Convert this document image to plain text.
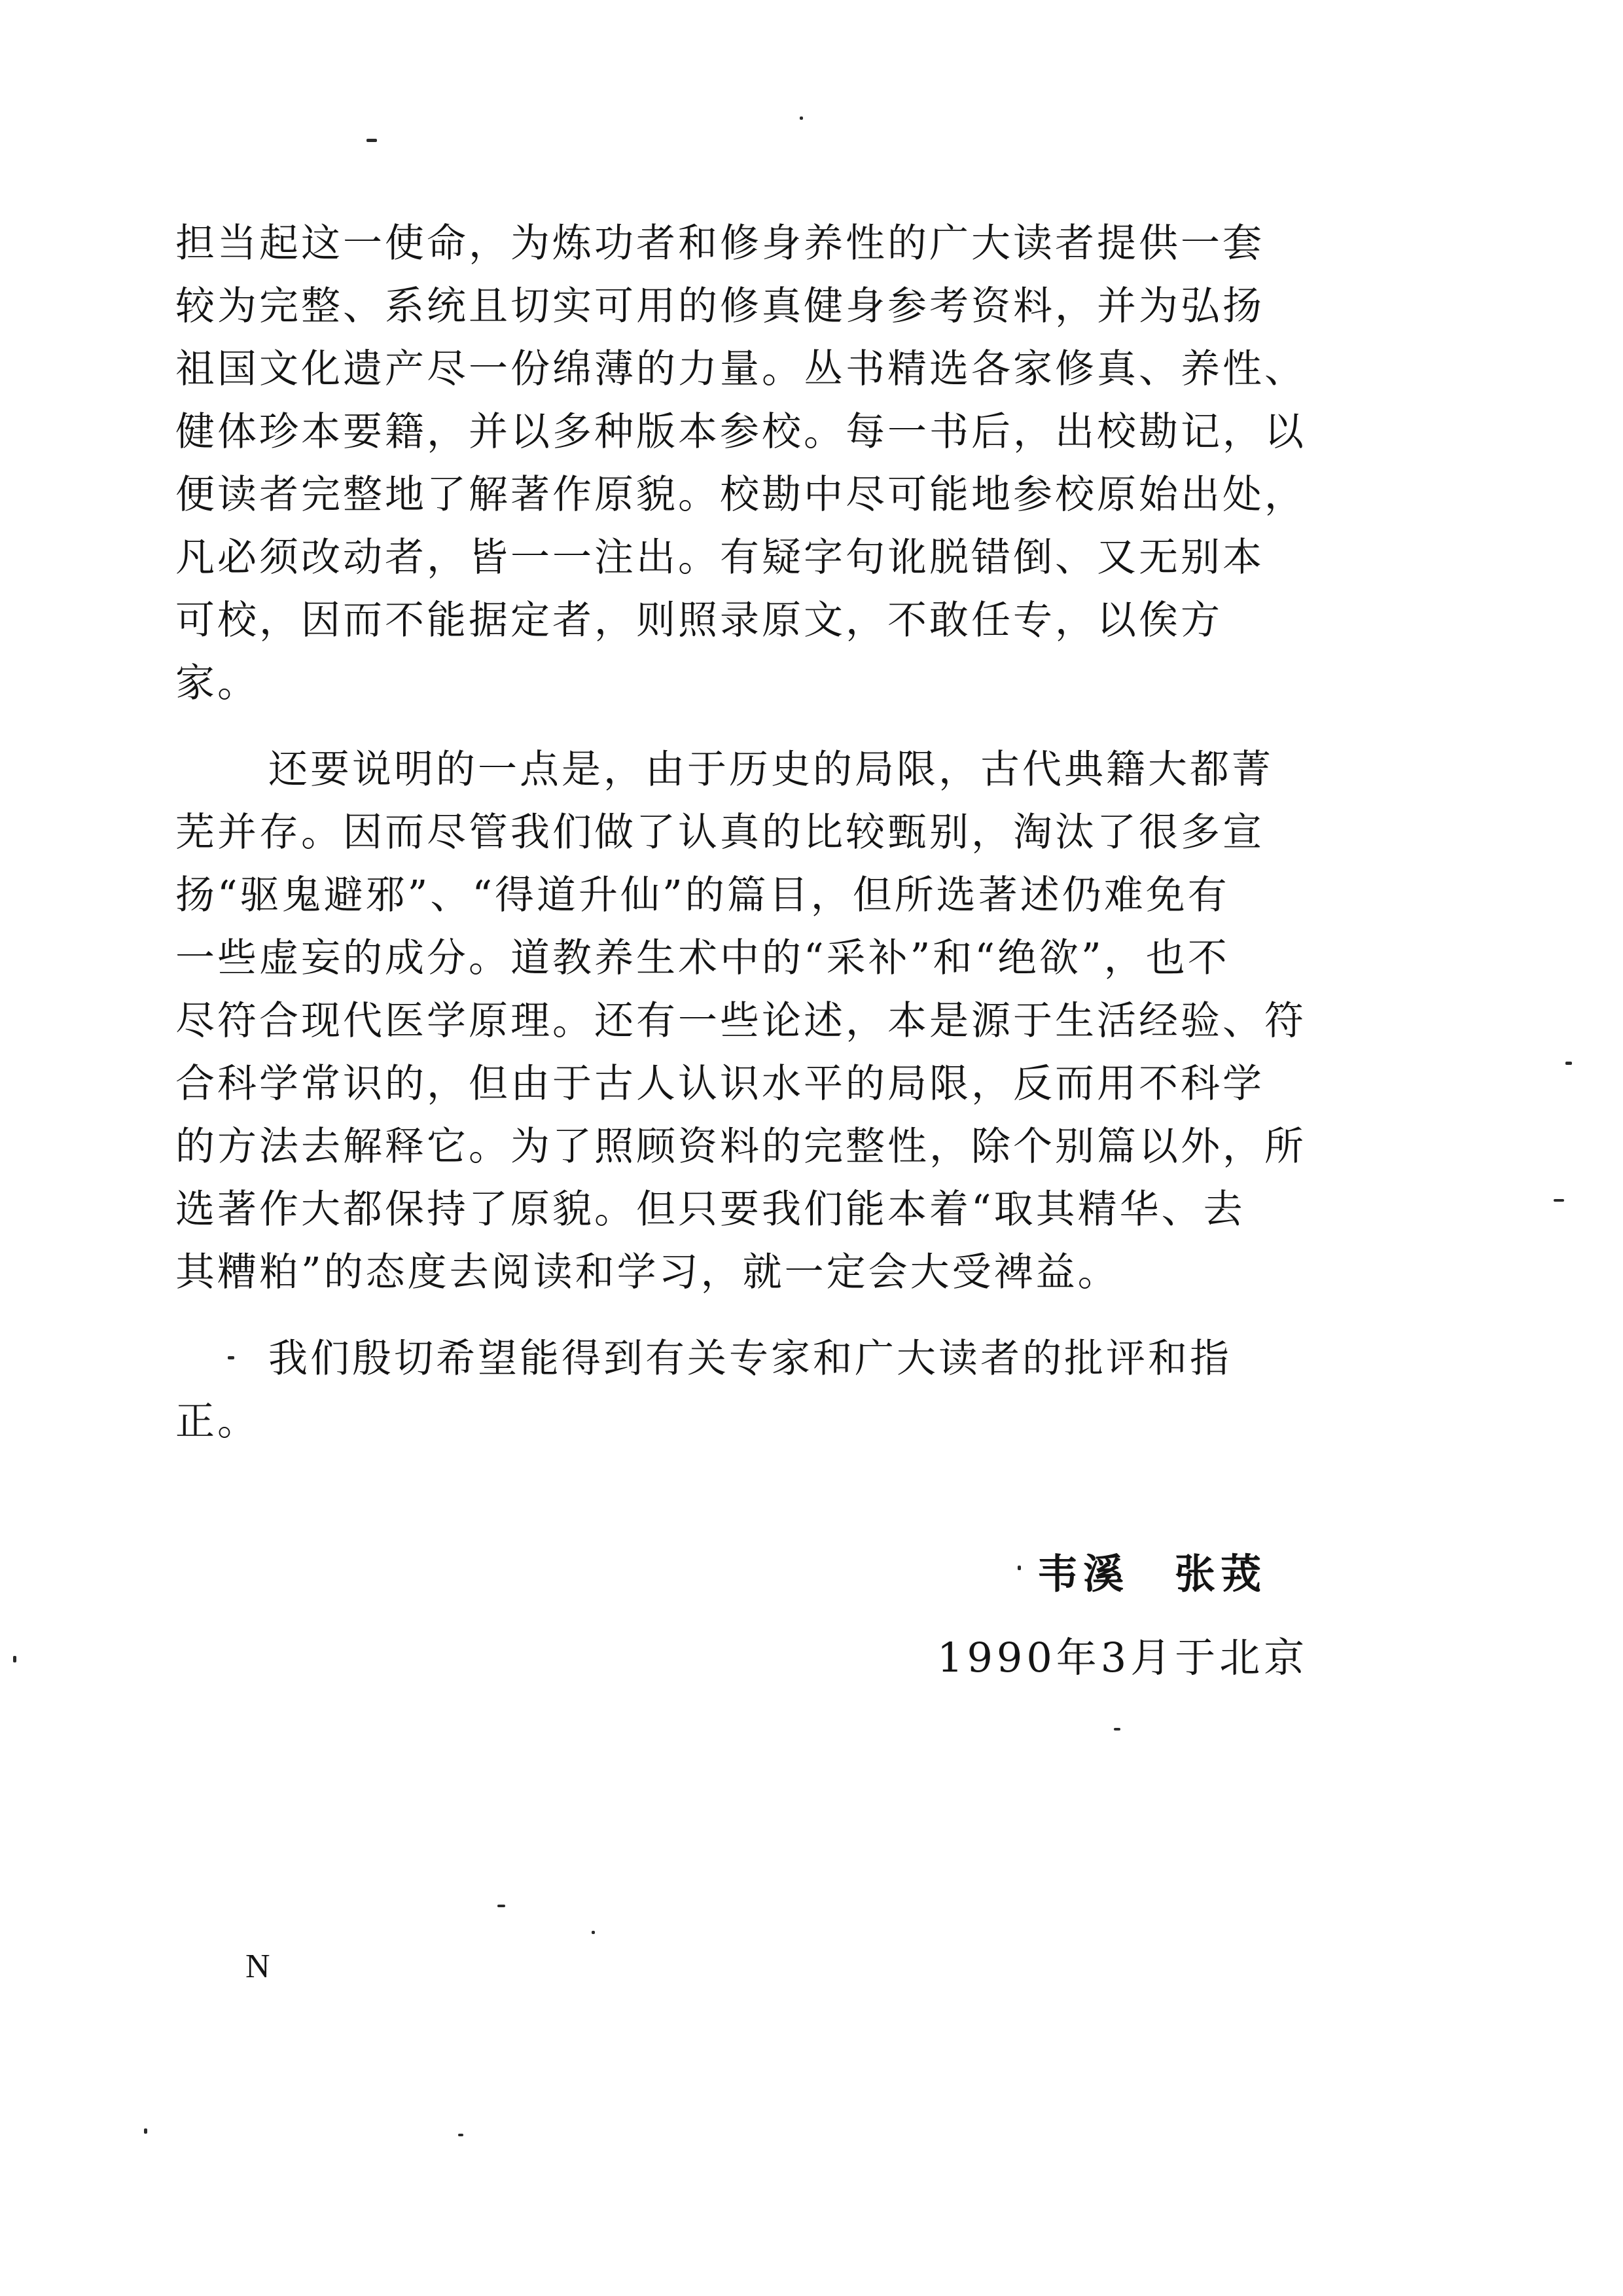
担当起这一使命，为炼功者和修身养性的广大读者提供一套
较为完整、系统且切实可用的修真健身参考资料，并为弘扬
祖国文化遗产尽一份绵薄的力量。丛书精选各家修真、养性、
健体珍本要籍，并以多种版本参校。每一书后，出校勘记，以
便读者完整地了解著作原貌。校勘中尽可能地参校原始出处，
凡必须改动者，皆一一注出。有疑字句讹脱错倒、又无别本
可校，因而不能据定者，则照录原文，不敢任专，以俟方
家。
还要说明的一点是，由于历史的局限，古代典籍大都菁
芜并存。因而尽管我们做了认真的比较甄别，淘汰了很多宣
扬“驱鬼避邪”、“得道升仙”的篇目，但所选著述仍难免有
一些虚妄的成分。道教养生术中的“采补”和“绝欲”，也不
尽符合现代医学原理。还有一些论述，本是源于生活经验、符
合科学常识的，但由于古人认识水平的局限，反而用不科学
的方法去解释它。为了照顾资料的完整性，除个别篇以外，所
选著作大都保持了原貌。但只要我们能本着“取其精华、去
其糟粕”的态度去阅读和学习，就一定会大受裨益。
我们殷切希望能得到有关专家和广大读者的批评和指
正。
韦溪　张茙
1990年3月于北京
N
